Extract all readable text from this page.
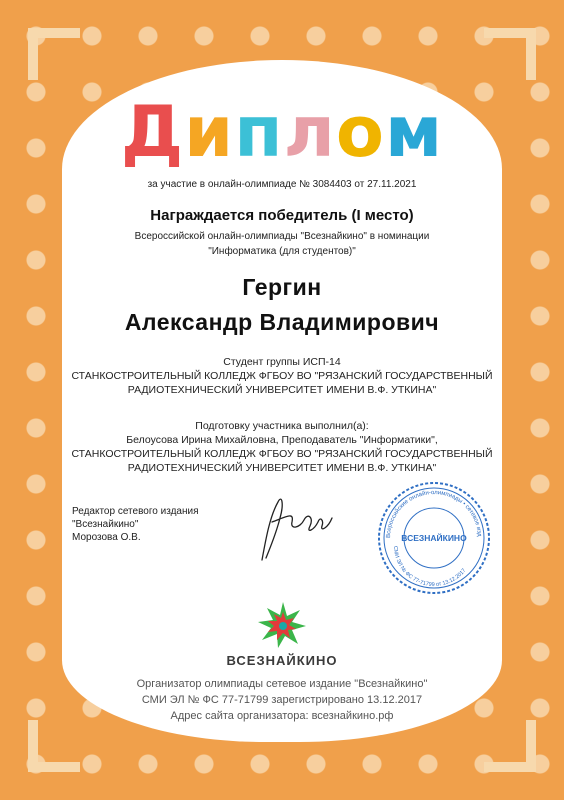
Диплом
за участие в онлайн-олимпиаде № 3084403 от 27.11.2021
Награждается победитель (I место)
Всероссийской онлайн-олимпиады "Всезнайкино" в номинации
"Информатика (для студентов)"
Гергин
Александр Владимирович
Студент группы ИСП-14
СТАНКОСТРОИТЕЛЬНЫЙ КОЛЛЕДЖ ФГБОУ ВО "РЯЗАНСКИЙ ГОСУДАРСТВЕННЫЙ
РАДИОТЕХНИЧЕСКИЙ УНИВЕРСИТЕТ ИМЕНИ В.Ф. УТКИНА"
Подготовку участника выполнил(а):
Белоусова Ирина Михайловна, Преподаватель "Информатики",
СТАНКОСТРОИТЕЛЬНЫЙ КОЛЛЕДЖ ФГБОУ ВО "РЯЗАНСКИЙ ГОСУДАРСТВЕННЫЙ
РАДИОТЕХНИЧЕСКИЙ УНИВЕРСИТЕТ ИМЕНИ В.Ф. УТКИНА"
Редактор сетевого издания
"Всезнайкино"
Морозова О.В.	Всероссийские онлайн-олимпиады • сетевое изд
ВСЕЗНАЙКИНО
СМИ ЭЛ № ФС 77-71799 от 13.12.2017
ВСЕЗНАЙКИНО
Организатор олимпиады сетевое издание "Всезнайкино"
СМИ ЭЛ № ФС 77-71799 зарегистрировано 13.12.2017
Адрес сайта организатора: всезнайкино.рф
